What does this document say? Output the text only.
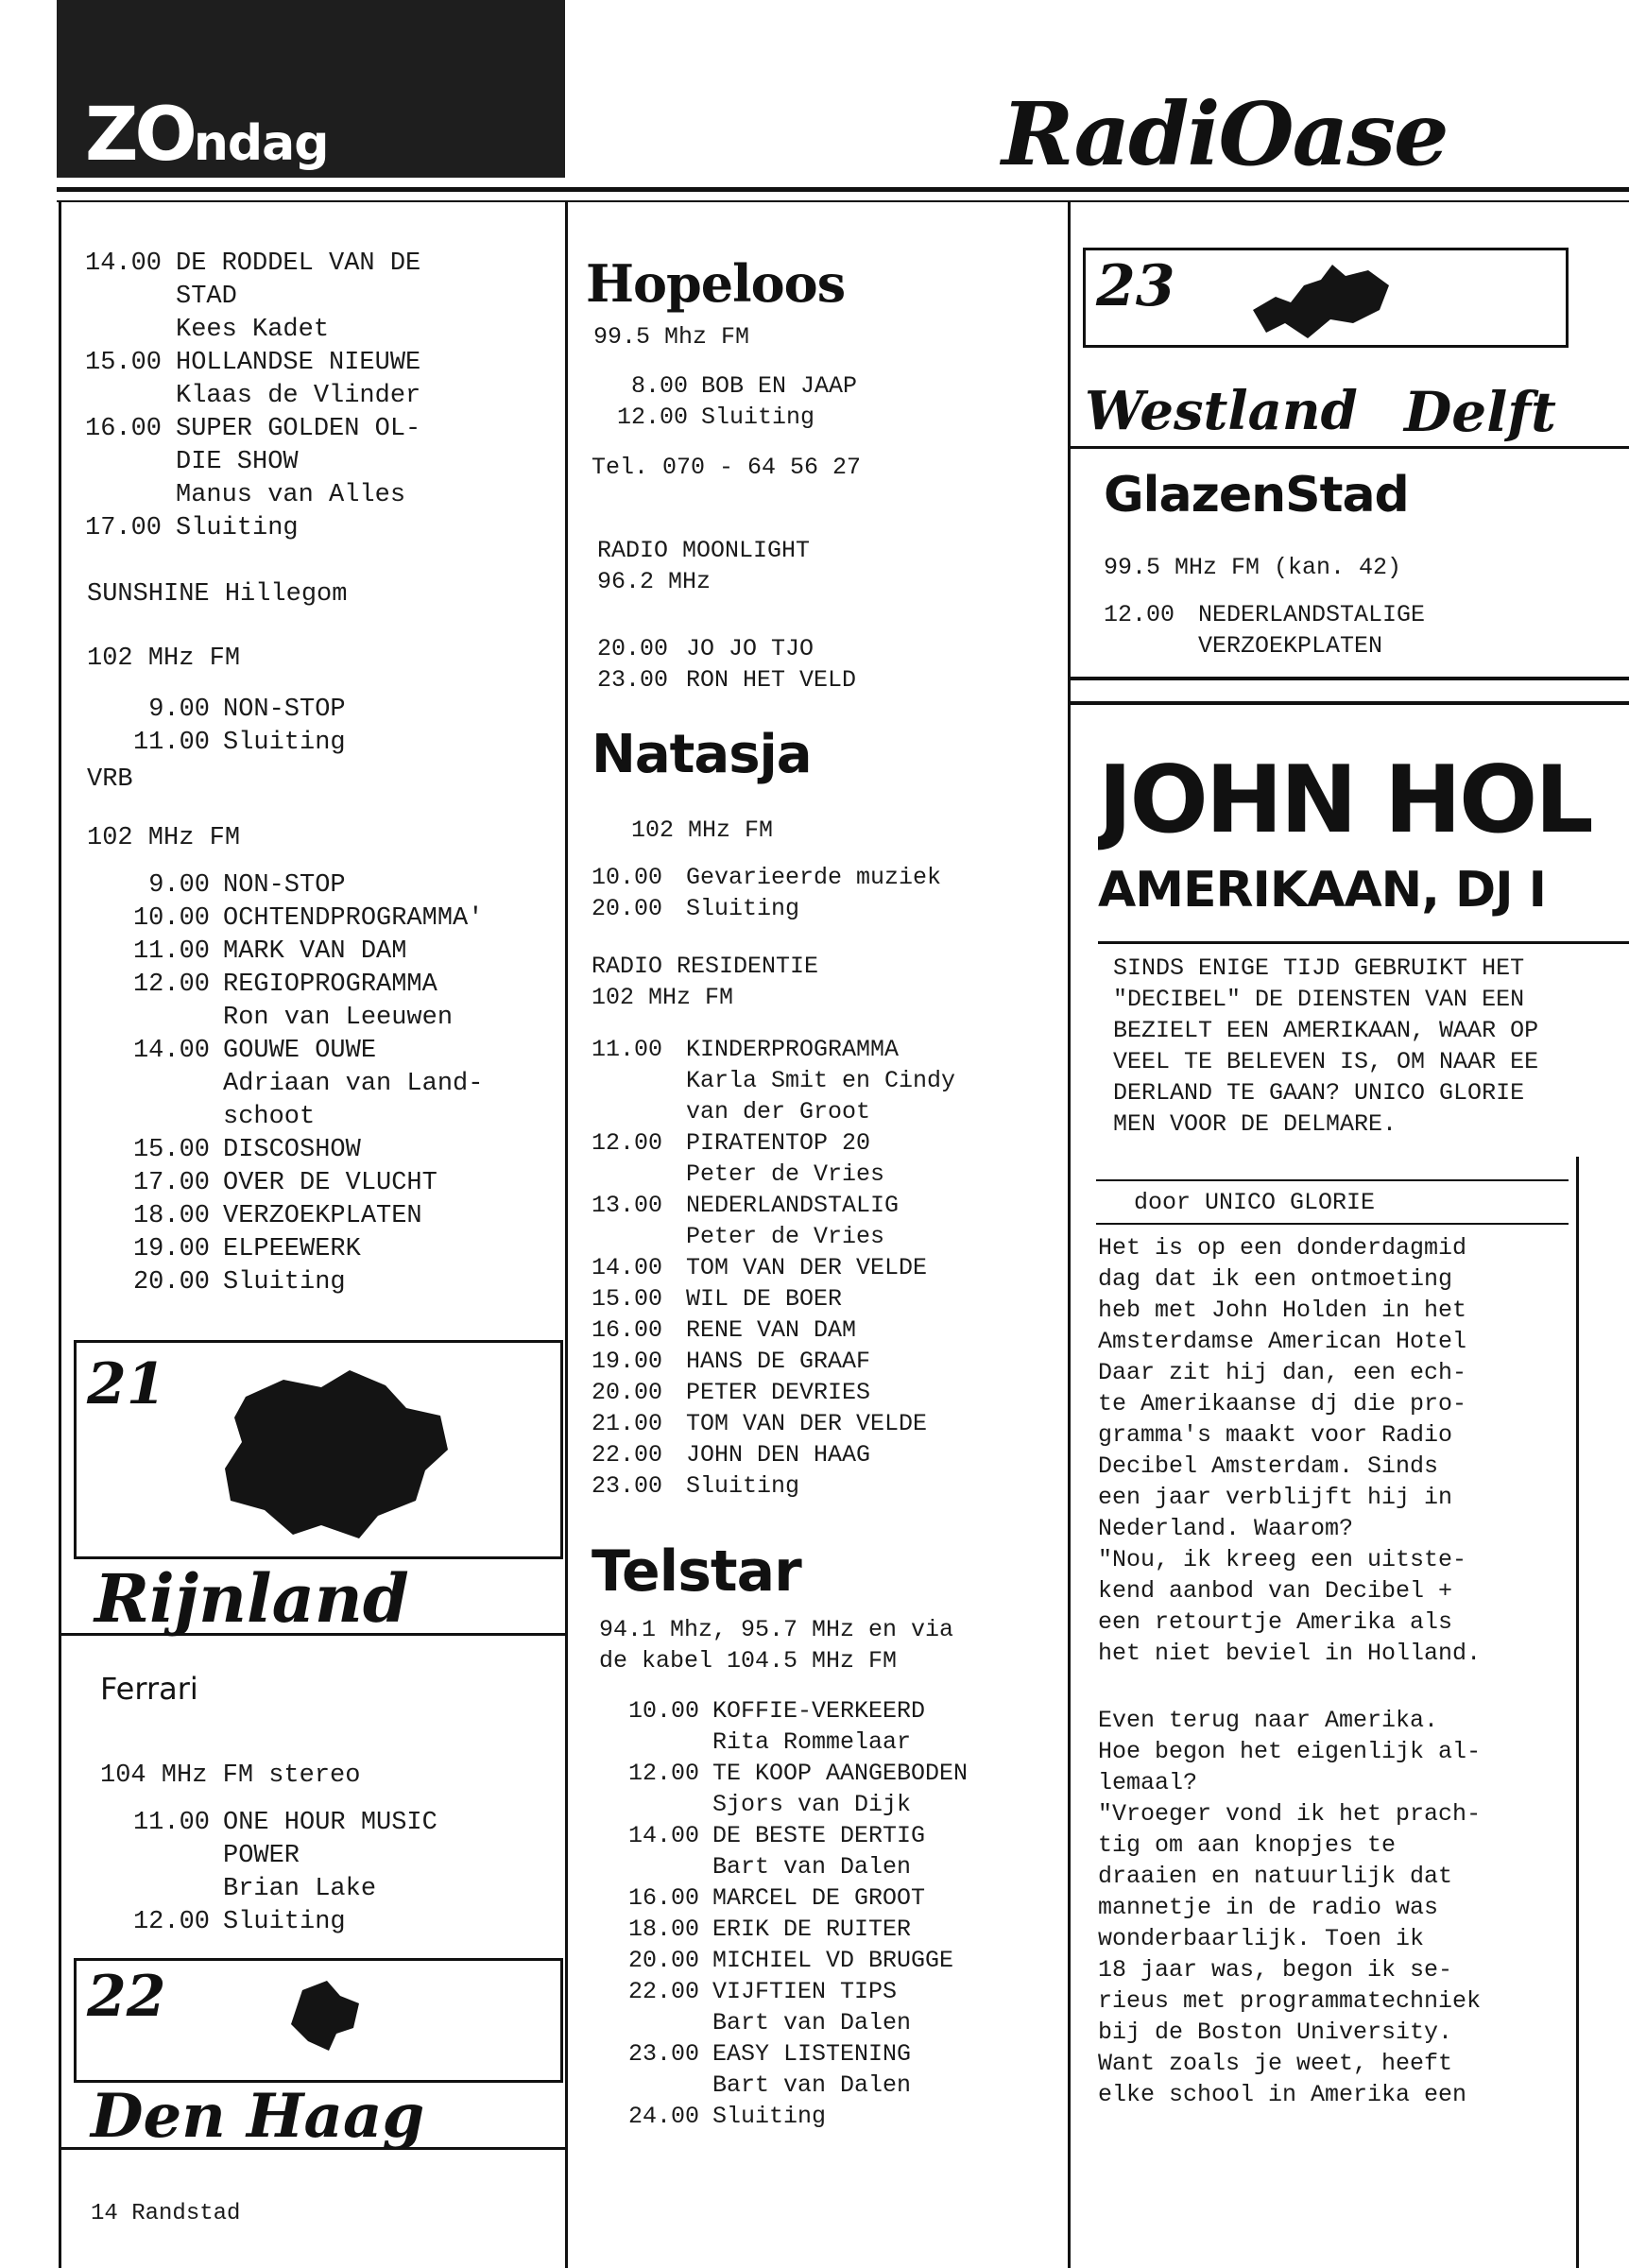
ZOndag	RadiOase
14.00 DE RODDEL VAN DE
STAD
Kees Kadet
15.00 HOLLANDSE NIEUWE
Klaas de Vlinder
16.00 SUPER GOLDEN OL-
DIE SHOW
Manus van Alles
17.00 Sluiting
SUNSHINE Hillegom
102 MHz FM
9.00 NON-STOP
11.00 Sluiting
VRB
102 MHz FM
9.00 NON-STOP
10.00 OCHTENDPROGRAMMA'
11.00 MARK VAN DAM
12.00 REGIOPROGRAMMA
Ron van Leeuwen
14.00 GOUWE OUWE
Adriaan van Land-
schoot
15.00 DISCOSHOW
17.00 OVER DE VLUCHT
18.00 VERZOEKPLATEN
19.00 ELPEEWERK
20.00 Sluiting
21
Rijnland
Ferrari
104 MHz FM stereo
11.00 ONE HOUR MUSIC
POWER
Brian Lake
12.00 Sluiting
22
Den Haag
14 Randstad
Hopeloos
99.5 Mhz FM
8.00 BOB EN JAAP
12.00 Sluiting
Tel. 070 - 64 56 27
RADIO MOONLIGHT
96.2 MHz
20.00 JO JO TJO
23.00 RON HET VELD
Natasja
102 MHz FM
10.00 Gevarieerde muziek
20.00 Sluiting
RADIO RESIDENTIE
102 MHz FM
11.00 KINDERPROGRAMMA
Karla Smit en Cindy
van der Groot
12.00 PIRATENTOP 20
Peter de Vries
13.00 NEDERLANDSTALIG
Peter de Vries
14.00 TOM VAN DER VELDE
15.00 WIL DE BOER
16.00 RENE VAN DAM
19.00 HANS DE GRAAF
20.00 PETER DEVRIES
21.00 TOM VAN DER VELDE
22.00 JOHN DEN HAAG
23.00 Sluiting
Telstar
94.1 Mhz, 95.7 MHz en via
de kabel 104.5 MHz FM
10.00 KOFFIE-VERKEERD
Rita Rommelaar
12.00 TE KOOP AANGEBODEN
Sjors van Dijk
14.00 DE BESTE DERTIG
Bart van Dalen
16.00 MARCEL DE GROOT
18.00 ERIK DE RUITER
20.00 MICHIEL VD BRUGGE
22.00 VIJFTIEN TIPS
Bart van Dalen
23.00 EASY LISTENING
Bart van Dalen
24.00 Sluiting
23
Westland Delft
GlazenStad
99.5 MHz FM (kan. 42)
12.00 NEDERLANDSTALIGE
VERZOEKPLATEN
JOHN HOL
AMERIKAAN, DJ I
SINDS ENIGE TIJD GEBRUIKT HET
"DECIBEL" DE DIENSTEN VAN EEN
BEZIELT EEN AMERIKAAN, WAAR OP
VEEL TE BELEVEN IS, OM NAAR EE
DERLAND TE GAAN? UNICO GLORIE
MEN VOOR DE DELMARE.
door UNICO GLORIE

Het is op een donderdagmid
dag dat ik een ontmoeting
heb met John Holden in het
Amsterdamse American Hotel
Daar zit hij dan, een ech-
te Amerikaanse dj die pro-
gramma's maakt voor Radio
Decibel Amsterdam. Sinds
een jaar verblijft hij in
Nederland. Waarom?
"Nou, ik kreeg een uitste-
kend aanbod van Decibel +
een retourtje Amerika als
het niet beviel in Holland.

Even terug naar Amerika.
Hoe begon het eigenlijk al-
lemaal?
"Vroeger vond ik het prach-
tig om aan knopjes te
draaien en natuurlijk dat
mannetje in de radio was
wonderbaarlijk. Toen ik
18 jaar was, begon ik se-
rieus met programmatechniek
bij de Boston University.
Want zoals je weet, heeft
elke school in Amerika een
